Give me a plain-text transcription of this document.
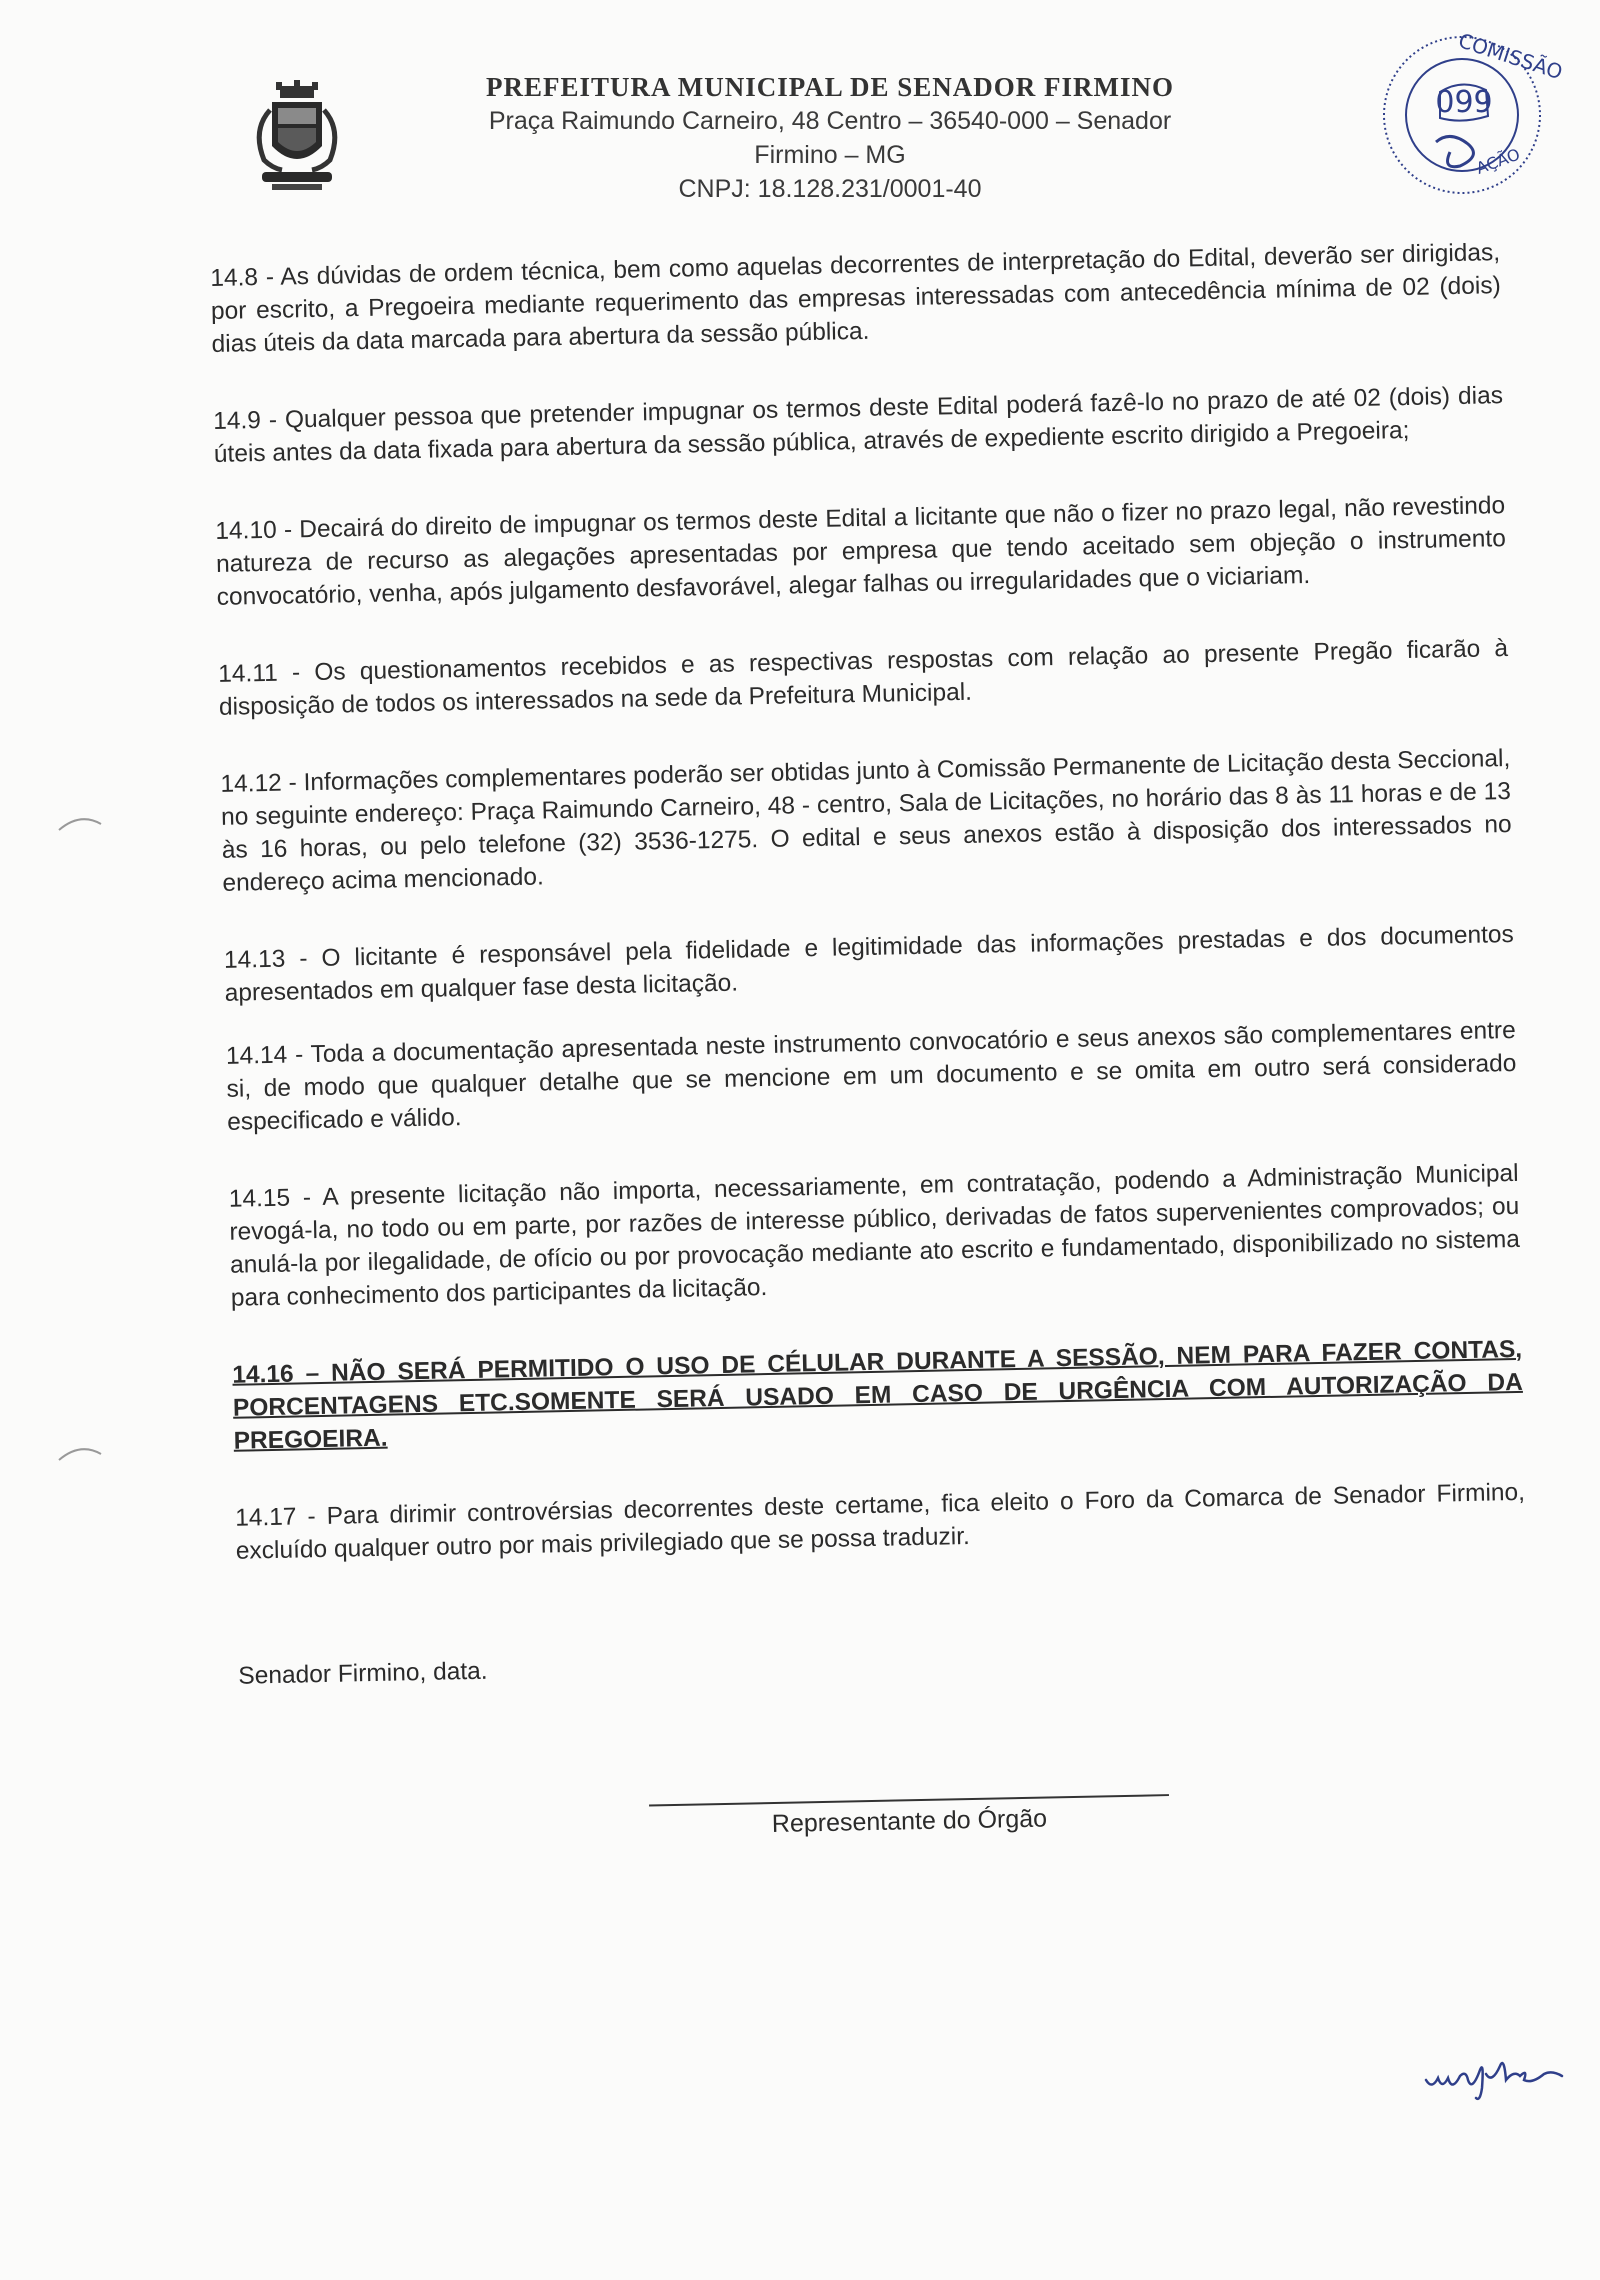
PREFEITURA MUNICIPAL DE SENADOR FIRMINO
Praça Raimundo Carneiro, 48 Centro – 36540-000 – Senador Firmino – MG
CNPJ: 18.128.231/0001-40
099
COMISSÃO
AÇÃO

14.8 - As dúvidas de ordem técnica, bem como aquelas decorrentes de interpretação do Edital, deverão ser dirigidas, por escrito, a Pregoeira mediante requerimento das empresas interessadas com antecedência mínima de 02 (dois) dias úteis da data marcada para abertura da sessão pública.

14.9 - Qualquer pessoa que pretender impugnar os termos deste Edital poderá fazê-lo no prazo de até 02 (dois) dias úteis antes da data fixada para abertura da sessão pública, através de expediente escrito dirigido a Pregoeira;

14.10 - Decairá do direito de impugnar os termos deste Edital a licitante que não o fizer no prazo legal, não revestindo natureza de recurso as alegações apresentadas por empresa que tendo aceitado sem objeção o instrumento convocatório, venha, após julgamento desfavorável, alegar falhas ou irregularidades que o viciariam.

14.11 - Os questionamentos recebidos e as respectivas respostas com relação ao presente Pregão ficarão à disposição de todos os interessados na sede da Prefeitura Municipal.

14.12 - Informações complementares poderão ser obtidas junto à Comissão Permanente de Licitação desta Seccional, no seguinte endereço: Praça Raimundo Carneiro, 48 - centro, Sala de Licitações, no horário das 8 às 11 horas e de 13 às 16 horas, ou pelo telefone (32) 3536-1275. O edital e seus anexos estão à disposição dos interessados no endereço acima mencionado.

14.13 - O licitante é responsável pela fidelidade e legitimidade das informações prestadas e dos documentos apresentados em qualquer fase desta licitação.

14.14 - Toda a documentação apresentada neste instrumento convocatório e seus anexos são complementares entre si, de modo que qualquer detalhe que se mencione em um documento e se omita em outro será considerado especificado e válido.

14.15 - A presente licitação não importa, necessariamente, em contratação, podendo a Administração Municipal revogá-la, no todo ou em parte, por razões de interesse público, derivadas de fatos supervenientes comprovados; ou anulá-la por ilegalidade, de ofício ou por provocação mediante ato escrito e fundamentado, disponibilizado no sistema para conhecimento dos participantes da licitação.

14.16 – NÃO SERÁ PERMITIDO O USO DE CÉLULAR DURANTE A SESSÃO, NEM PARA FAZER CONTAS, PORCENTAGENS ETC.SOMENTE SERÁ USADO EM CASO DE URGÊNCIA COM AUTORIZAÇÃO DA PREGOEIRA.

14.17 - Para dirimir controvérsias decorrentes deste certame, fica eleito o Foro da Comarca de Senador Firmino, excluído qualquer outro por mais privilegiado que se possa traduzir.

Senador Firmino, data.
Representante do Órgão
